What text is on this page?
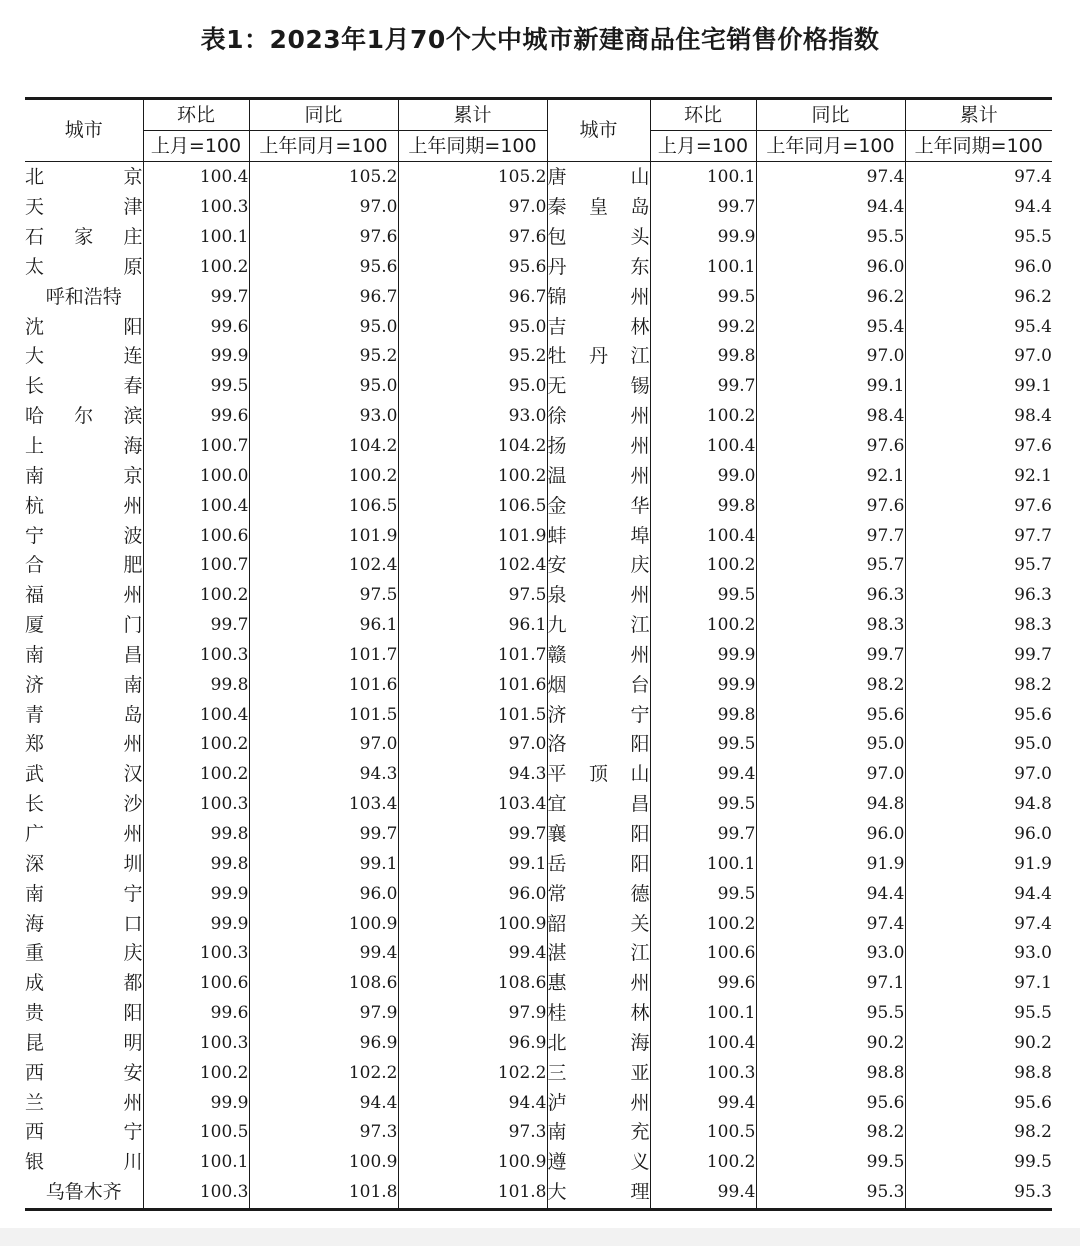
表1：2023年1月70个大中城市新建商品住宅销售价格指数
城市	环比	同比	累计	城市	环比	同比	累计
	上月=100	上年同月=100	上年同期=100		上月=100	上年同月=100	上年同期=100

北 京	100.4	105.2	105.2	唐 山	100.1	97.4	97.4

天 津	100.3	97.0	97.0	秦 皇 岛	99.7	94.4	94.4

石 家 庄	100.1	97.6	97.6	包 头	99.9	95.5	95.5

太 原	100.2	95.6	95.6	丹 东	100.1	96.0	96.0

呼和浩特	99.7	96.7	96.7	锦 州	99.5	96.2	96.2

沈 阳	99.6	95.0	95.0	吉 林	99.2	95.4	95.4

大 连	99.9	95.2	95.2	牡 丹 江	99.8	97.0	97.0

长 春	99.5	95.0	95.0	无 锡	99.7	99.1	99.1

哈 尔 滨	99.6	93.0	93.0	徐 州	100.2	98.4	98.4

上 海	100.7	104.2	104.2	扬 州	100.4	97.6	97.6

南 京	100.0	100.2	100.2	温 州	99.0	92.1	92.1

杭 州	100.4	106.5	106.5	金 华	99.8	97.6	97.6

宁 波	100.6	101.9	101.9	蚌 埠	100.4	97.7	97.7

合 肥	100.7	102.4	102.4	安 庆	100.2	95.7	95.7

福 州	100.2	97.5	97.5	泉 州	99.5	96.3	96.3

厦 门	99.7	96.1	96.1	九 江	100.2	98.3	98.3

南 昌	100.3	101.7	101.7	赣 州	99.9	99.7	99.7

济 南	99.8	101.6	101.6	烟 台	99.9	98.2	98.2

青 岛	100.4	101.5	101.5	济 宁	99.8	95.6	95.6

郑 州	100.2	97.0	97.0	洛 阳	99.5	95.0	95.0

武 汉	100.2	94.3	94.3	平 顶 山	99.4	97.0	97.0

长 沙	100.3	103.4	103.4	宜 昌	99.5	94.8	94.8

广 州	99.8	99.7	99.7	襄 阳	99.7	96.0	96.0

深 圳	99.8	99.1	99.1	岳 阳	100.1	91.9	91.9

南 宁	99.9	96.0	96.0	常 德	99.5	94.4	94.4

海 口	99.9	100.9	100.9	韶 关	100.2	97.4	97.4

重 庆	100.3	99.4	99.4	湛 江	100.6	93.0	93.0

成 都	100.6	108.6	108.6	惠 州	99.6	97.1	97.1

贵 阳	99.6	97.9	97.9	桂 林	100.1	95.5	95.5

昆 明	100.3	96.9	96.9	北 海	100.4	90.2	90.2

西 安	100.2	102.2	102.2	三 亚	100.3	98.8	98.8

兰 州	99.9	94.4	94.4	泸 州	99.4	95.6	95.6

西 宁	100.5	97.3	97.3	南 充	100.5	98.2	98.2

银 川	100.1	100.9	100.9	遵 义	100.2	99.5	99.5

乌鲁木齐	100.3	101.8	101.8	大 理	99.4	95.3	95.3
